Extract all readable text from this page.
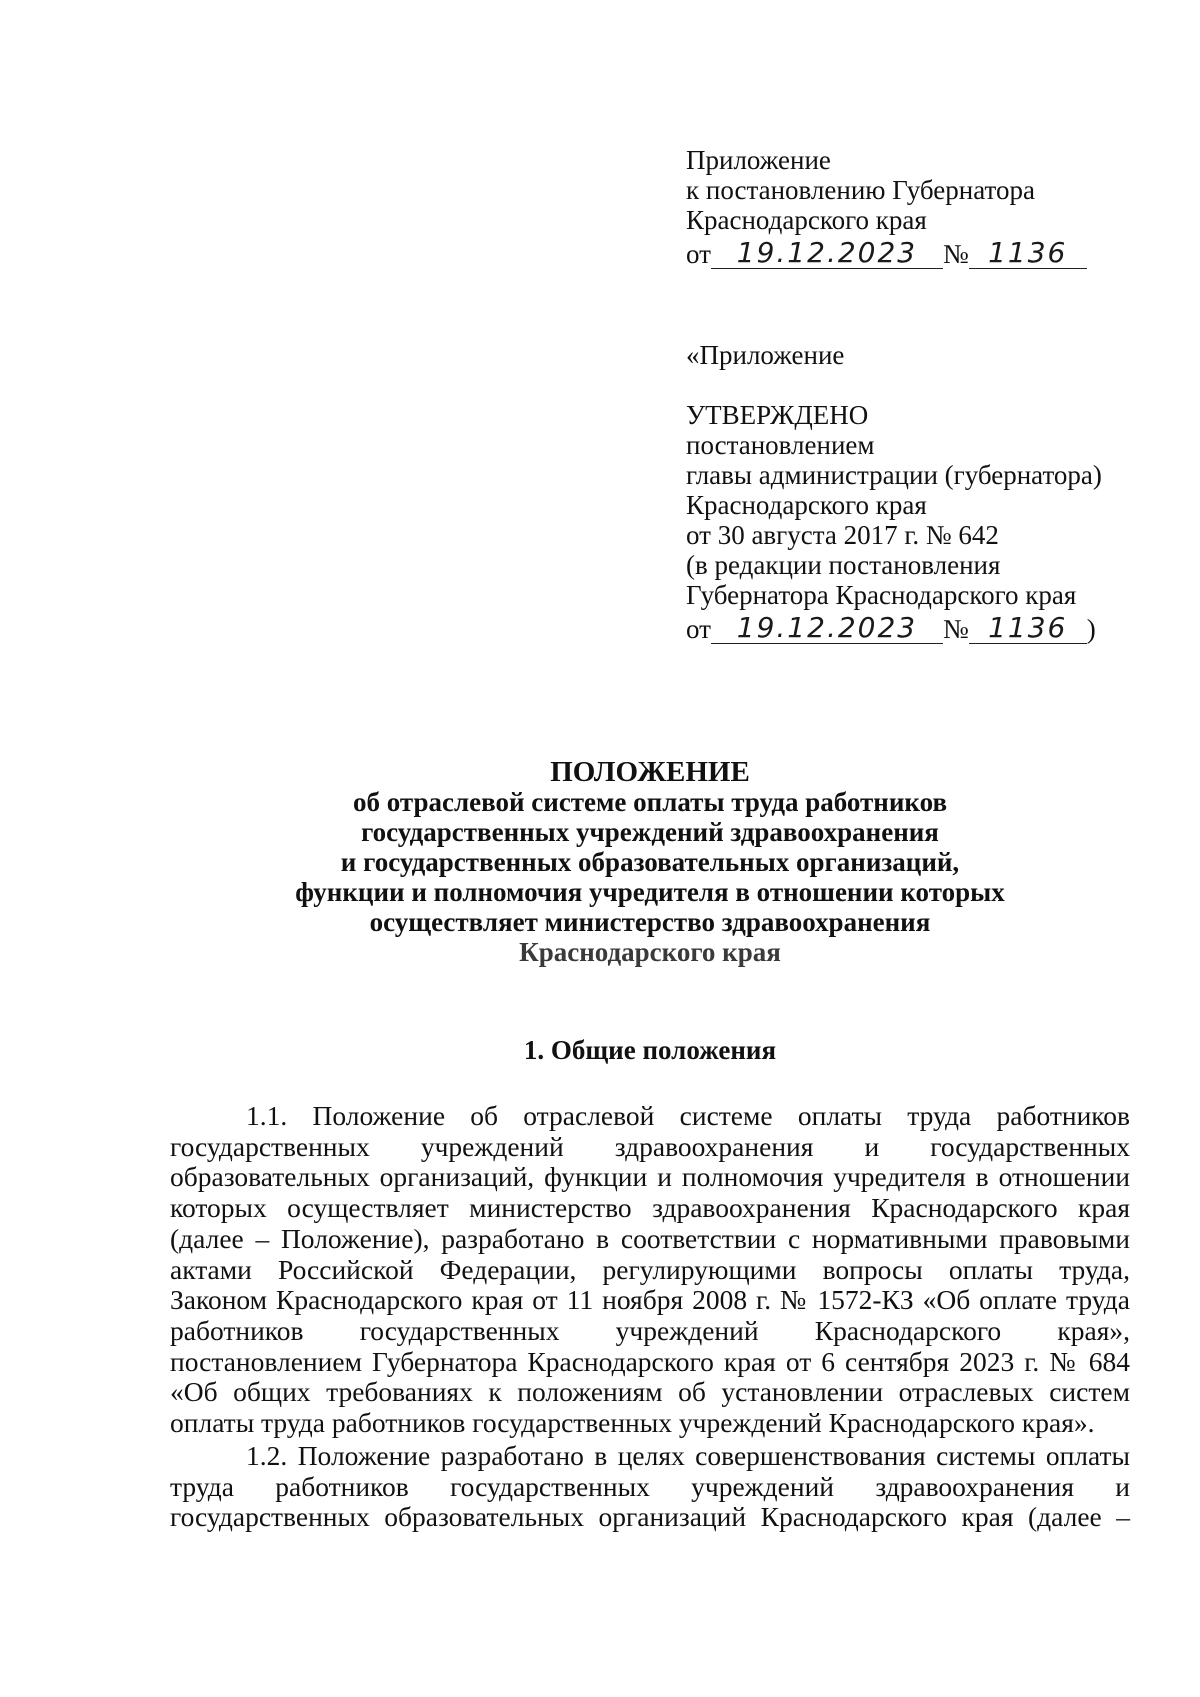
Приложение

к постановлению Губернатора

Краснодарского края

от 19.12.2023 № 1136

«Приложение

УТВЕРЖДЕНО

постановлением

главы администрации (губернатора)

Краснодарского края

от 30 августа 2017 г. № 642

(в редакции постановления

Губернатора Краснодарского края

от 19.12.2023 № 1136 )
ПОЛОЖЕНИЕ
об отраслевой системе оплаты труда работников
государственных учреждений здравоохранения
и государственных образовательных организаций,
функции и полномочия учредителя в отношении которых
осуществляет министерство здравоохранения
Краснодарского края
1. Общие положения
1.1. Положение об отраслевой системе оплаты труда работников
государственных учреждений здравоохранения и государственных
образовательных организаций, функции и полномочия учредителя в отношении
которых осуществляет министерство здравоохранения Краснодарского края
(далее – Положение), разработано в соответствии с нормативными правовыми
актами Российской Федерации, регулирующими вопросы оплаты труда,
Законом Краснодарского края от 11 ноября 2008 г. № 1572-КЗ «Об оплате труда
работников государственных учреждений Краснодарского края»,
постановлением Губернатора Краснодарского края от 6 сентября 2023 г. № 684
«Об общих требованиях к положениям об установлении отраслевых систем
оплаты труда работников государственных учреждений Краснодарского края».
1.2. Положение разработано в целях совершенствования системы оплаты
труда работников государственных учреждений здравоохранения и
государственных образовательных организаций Краснодарского края (далее –
